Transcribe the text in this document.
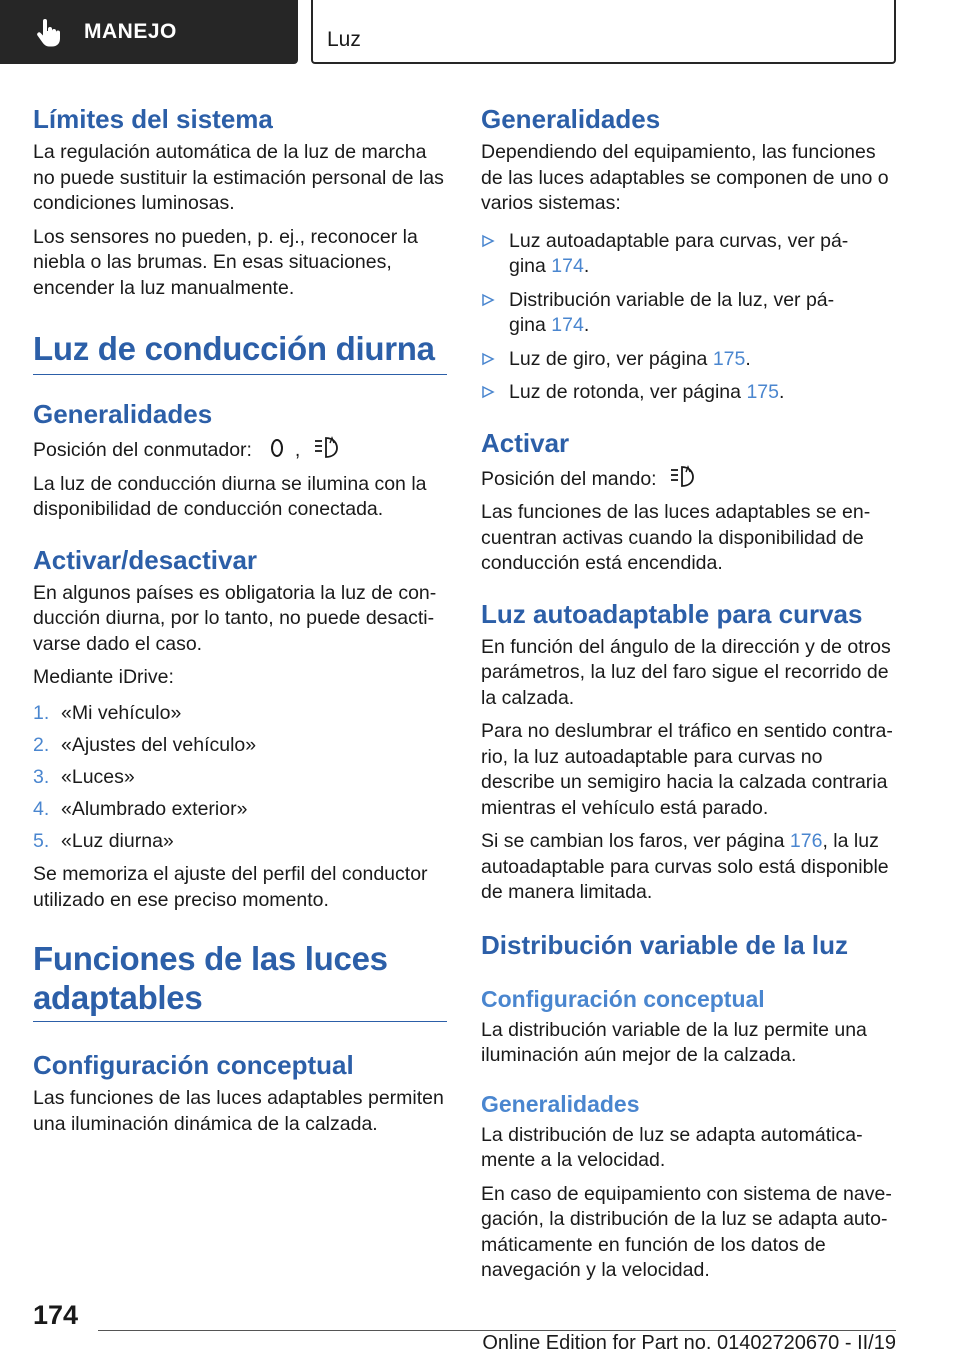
MANEJO	Luz
Límites del sistema

La regulación automática de la luz de marcha no puede sustituir la estimación personal de las condiciones luminosas.

Los sensores no pueden, p. ej., reconocer la niebla o las brumas. En esas situaciones, encender la luz manualmente.

Luz de conducción diurna
Generalidades

Posición del conmutador: ,

La luz de conducción diurna se ilumina con la disponibilidad de conducción conectada.

Activar/desactivar

En algunos países es obligatoria la luz de conducción diurna, por lo tanto, no puede desactivarse dado el caso.

Mediante iDrive:

1. «Mi vehículo»
2. «Ajustes del vehículo»
3. «Luces»
4. «Alumbrado exterior»
5. «Luz diurna»

Se memoriza el ajuste del perfil del conductor utilizado en ese preciso momento.

Funciones de las luces
adaptables
Configuración conceptual

Las funciones de las luces adaptables permiten una iluminación dinámica de la calzada.

Generalidades

Dependiendo del equipamiento, las funciones de las luces adaptables se componen de uno o varios sistemas:

Luz autoadaptable para curvas, ver pá-
gina 174.
Distribución variable de la luz, ver pá-
gina 174.
Luz de giro, ver página 175.
Luz de rotonda, ver página 175.
Activar

Posición del mando:

Las funciones de las luces adaptables se encuentran activas cuando la disponibilidad de conducción está encendida.

Luz autoadaptable para curvas

En función del ángulo de la dirección y de otros parámetros, la luz del faro sigue el recorrido de la calzada.

Para no deslumbrar el tráfico en sentido contrario, la luz autoadaptable para curvas no describe un semigiro hacia la calzada contraria mientras el vehículo está parado.

Si se cambian los faros, ver página 176, la luz autoadaptable para curvas solo está disponible de manera limitada.

Distribución variable de la luz
Configuración conceptual

La distribución variable de la luz permite una iluminación aún mejor de la calzada.

Generalidades

La distribución de luz se adapta automáticamente a la velocidad.

En caso de equipamiento con sistema de navegación, la distribución de la luz se adapta automáticamente en función de los datos de navegación y la velocidad.

174
Online Edition for Part no. 01402720670 - II/19
